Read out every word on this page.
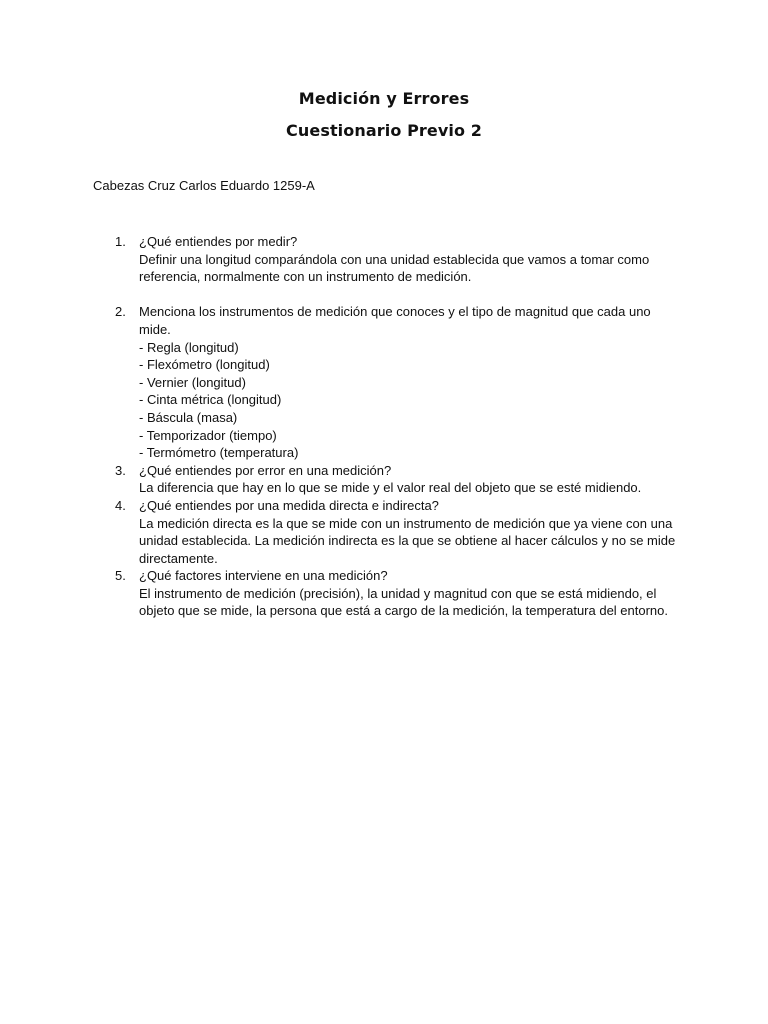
Medición y Errores
Cuestionario Previo 2
Cabezas Cruz Carlos Eduardo 1259-A
1. ¿Qué entiendes por medir?
Definir una longitud comparándola con una unidad establecida que vamos a tomar como
referencia, normalmente con un instrumento de medición.
2. Menciona los instrumentos de medición que conoces y el tipo de magnitud que cada uno
mide.
- Regla (longitud)
- Flexómetro (longitud)
- Vernier (longitud)
- Cinta métrica (longitud)
- Báscula (masa)
- Temporizador (tiempo)
- Termómetro (temperatura)
3. ¿Qué entiendes por error en una medición?
La diferencia que hay en lo que se mide y el valor real del objeto que se esté midiendo.
4. ¿Qué entiendes por una medida directa e indirecta?
La medición directa es la que se mide con un instrumento de medición que ya viene con una
unidad establecida. La medición indirecta es la que se obtiene al hacer cálculos y no se mide
directamente.
5. ¿Qué factores interviene en una medición?
El instrumento de medición (precisión), la unidad y magnitud con que se está midiendo, el
objeto que se mide, la persona que está a cargo de la medición, la temperatura del entorno.
